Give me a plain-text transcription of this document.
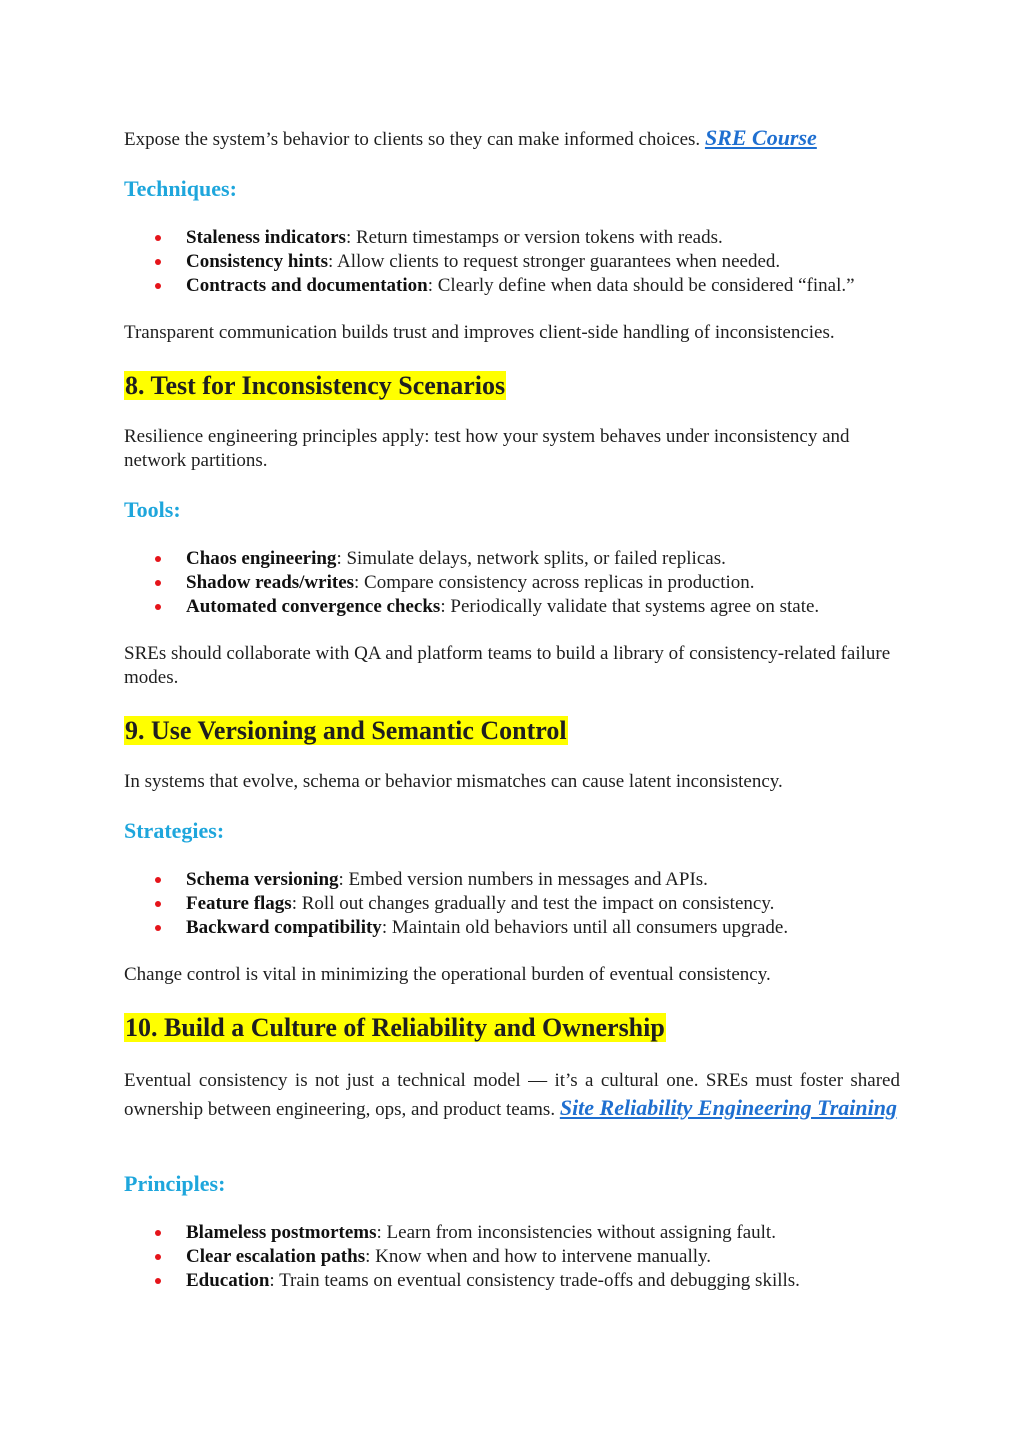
Expose the system’s behavior to clients so they can make informed choices. SRE Course

Techniques:
Staleness indicators: Return timestamps or version tokens with reads.
Consistency hints: Allow clients to request stronger guarantees when needed.
Contracts and documentation: Clearly define when data should be considered “final.”

Transparent communication builds trust and improves client-side handling of inconsistencies.

8. Test for Inconsistency Scenarios

Resilience engineering principles apply: test how your system behaves under inconsistency and network partitions.

Tools:
Chaos engineering: Simulate delays, network splits, or failed replicas.
Shadow reads/writes: Compare consistency across replicas in production.
Automated convergence checks: Periodically validate that systems agree on state.

SREs should collaborate with QA and platform teams to build a library of consistency-related failure modes.

9. Use Versioning and Semantic Control

In systems that evolve, schema or behavior mismatches can cause latent inconsistency.

Strategies:
Schema versioning: Embed version numbers in messages and APIs.
Feature flags: Roll out changes gradually and test the impact on consistency.
Backward compatibility: Maintain old behaviors until all consumers upgrade.

Change control is vital in minimizing the operational burden of eventual consistency.

10. Build a Culture of Reliability and Ownership

Eventual consistency is not just a technical model — it’s a cultural one. SREs must foster shared ownership between engineering, ops, and product teams. Site Reliability Engineering Training

Principles:
Blameless postmortems: Learn from inconsistencies without assigning fault.
Clear escalation paths: Know when and how to intervene manually.
Education: Train teams on eventual consistency trade-offs and debugging skills.
